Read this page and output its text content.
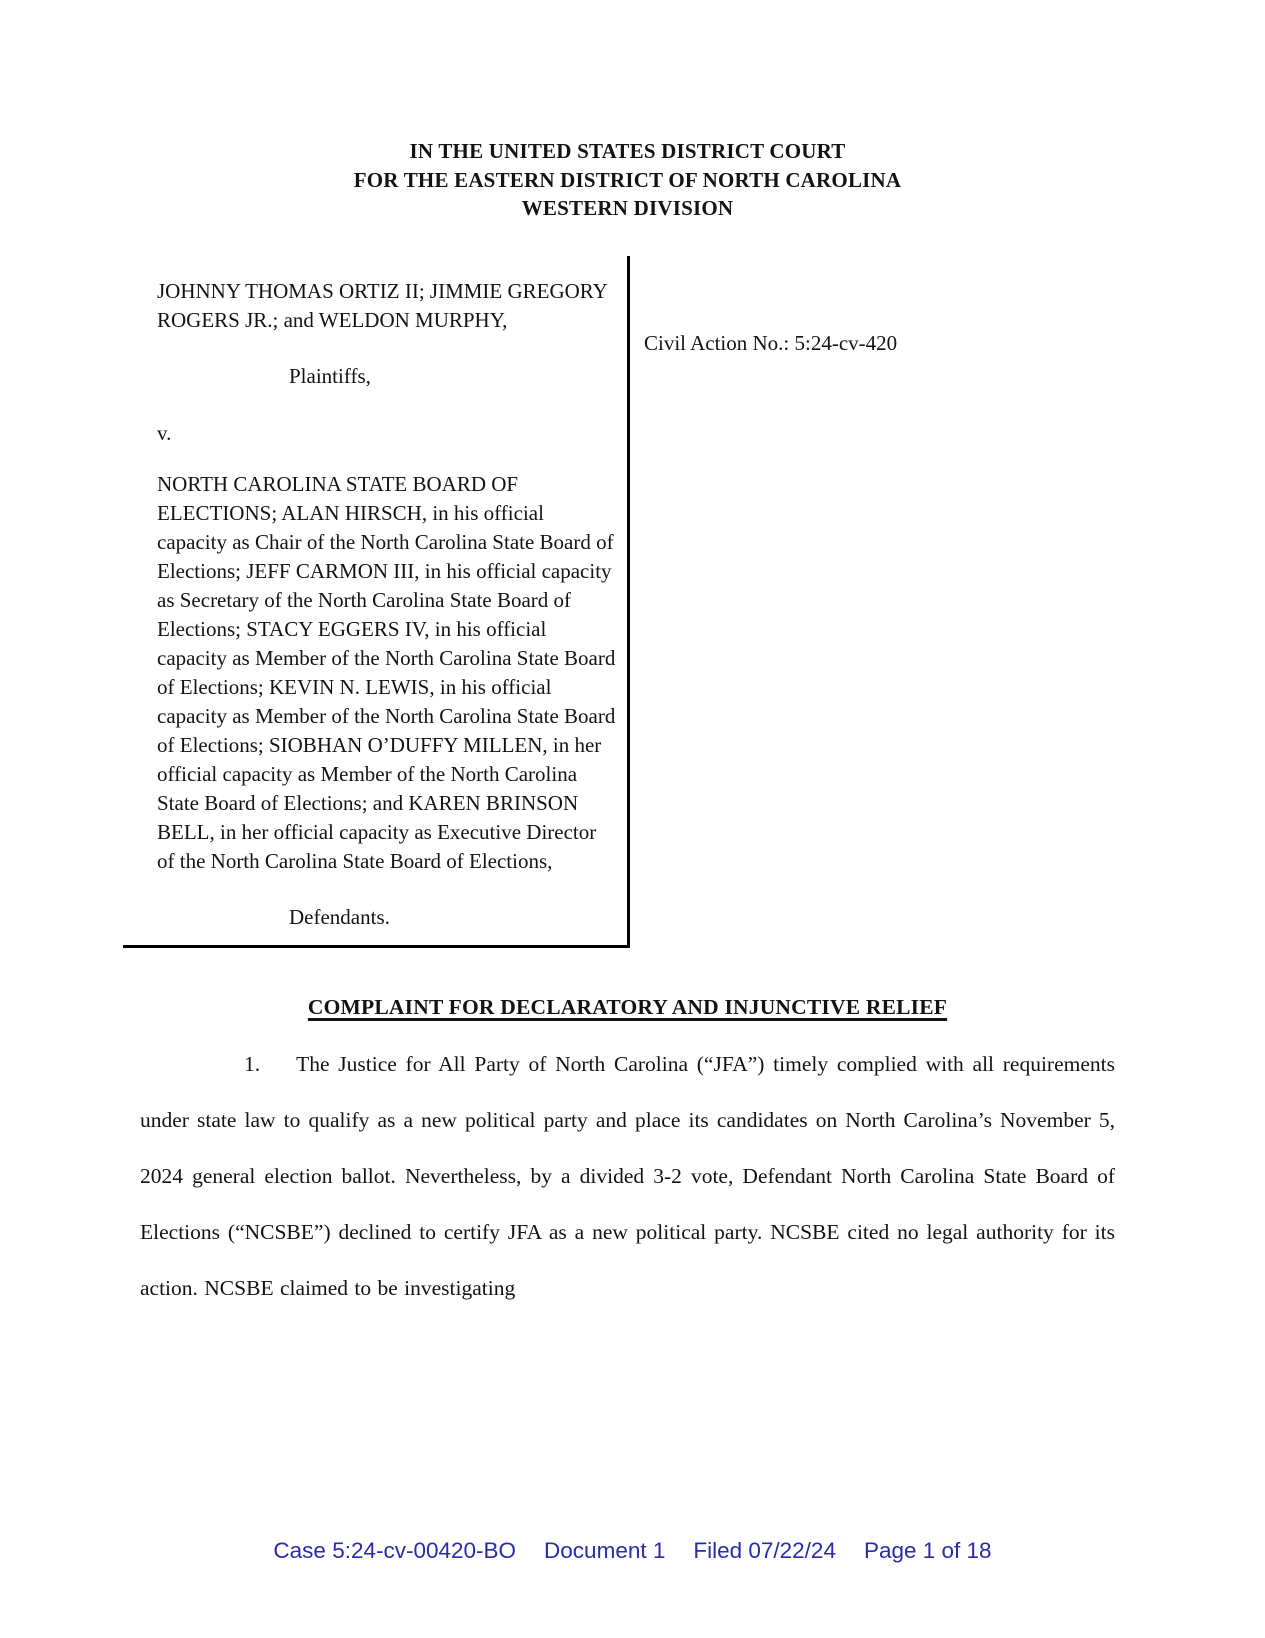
IN THE UNITED STATES DISTRICT COURT
FOR THE EASTERN DISTRICT OF NORTH CAROLINA
WESTERN DIVISION
JOHNNY THOMAS ORTIZ II; JIMMIE GREGORY ROGERS JR.; and WELDON MURPHY,
Plaintiffs,
v.
NORTH CAROLINA STATE BOARD OF ELECTIONS; ALAN HIRSCH, in his official capacity as Chair of the North Carolina State Board of Elections; JEFF CARMON III, in his official capacity as Secretary of the North Carolina State Board of Elections; STACY EGGERS IV, in his official capacity as Member of the North Carolina State Board of Elections; KEVIN N. LEWIS, in his official capacity as Member of the North Carolina State Board of Elections; SIOBHAN O’DUFFY MILLEN, in her official capacity as Member of the North Carolina State Board of Elections; and KAREN BRINSON BELL, in her official capacity as Executive Director of the North Carolina State Board of Elections,
Defendants.
Civil Action No.: 5:24-cv-420
COMPLAINT FOR DECLARATORY AND INJUNCTIVE RELIEF

1. The Justice for All Party of North Carolina (“JFA”) timely complied with all requirements under state law to qualify as a new political party and place its candidates on North Carolina’s November 5, 2024 general election ballot. Nevertheless, by a divided 3-2 vote, Defendant North Carolina State Board of Elections (“NCSBE”) declined to certify JFA as a new political party. NCSBE cited no legal authority for its action. NCSBE claimed to be investigating

Case 5:24-cv-00420-BO Document 1 Filed 07/22/24 Page 1 of 18
